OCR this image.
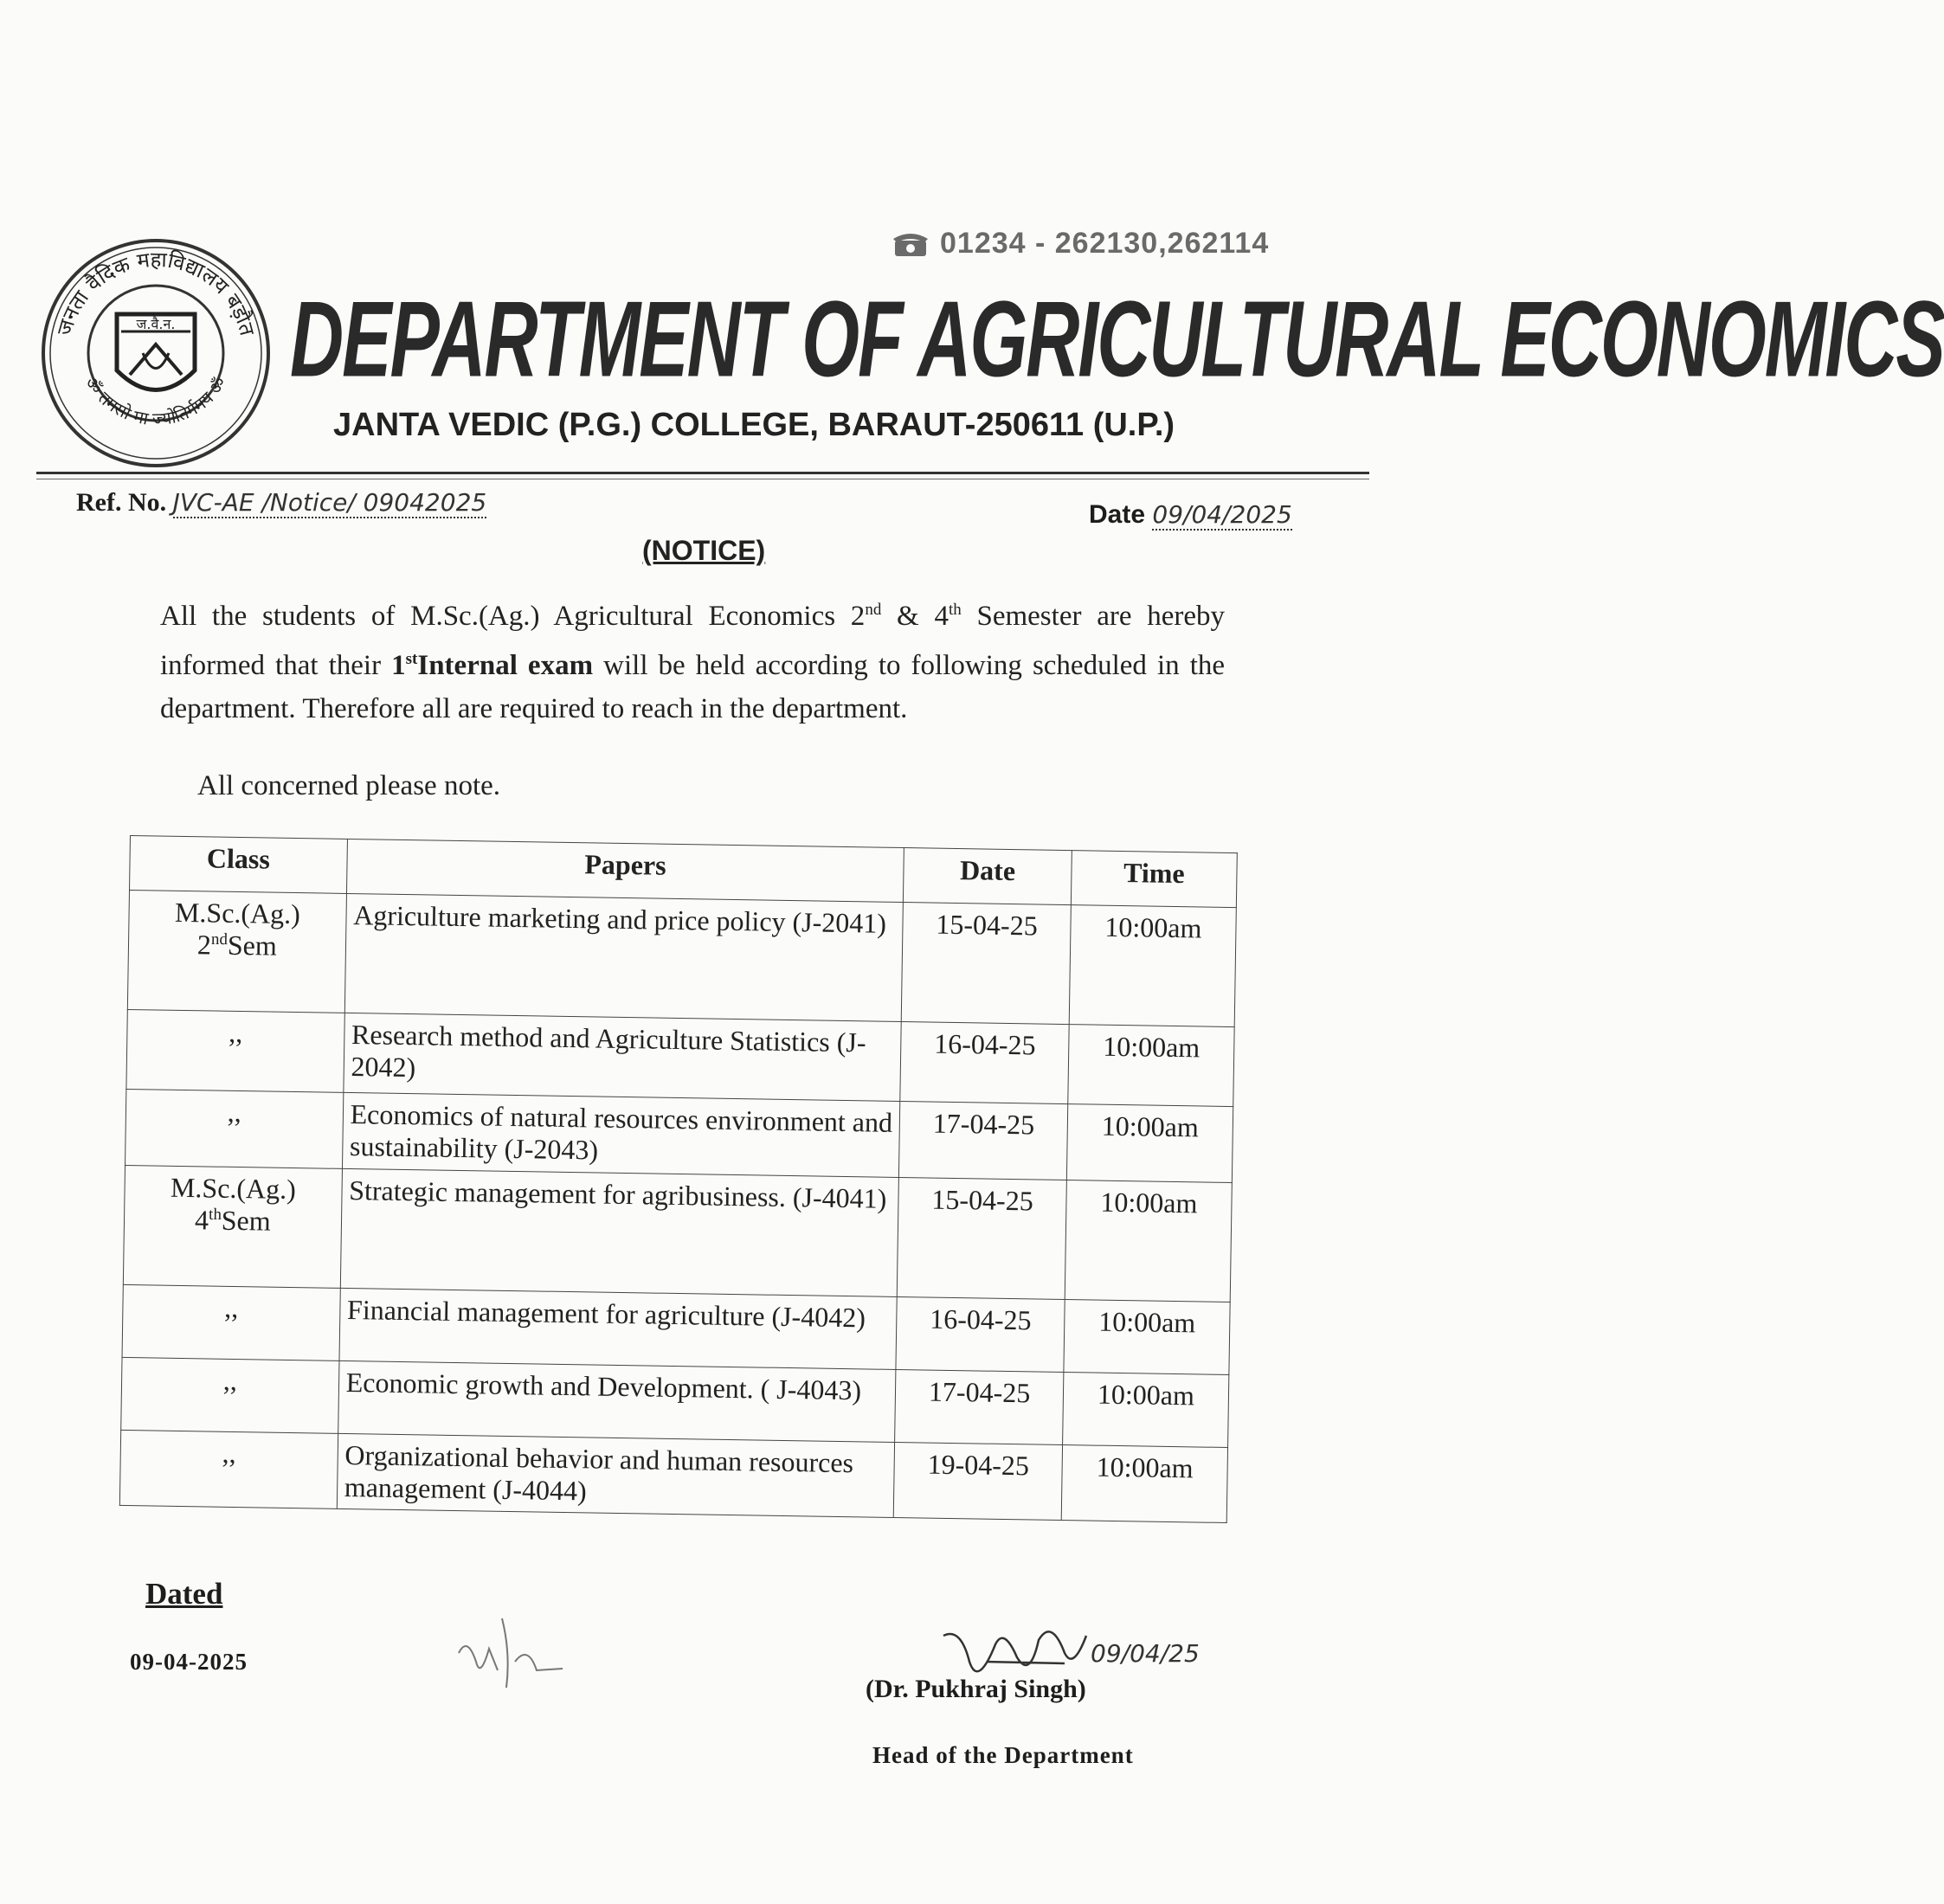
01234 - 262130,262114
जनता वैदिक महाविद्यालय बड़ौत
ॐ तमसो मा ज्योतिर्गमय ॐ
ज.वै.न. DEPARTMENT OF AGRICULTURAL ECONOMICS
JANTA VEDIC (P.G.) COLLEGE, BARAUT-250611 (U.P.)
Ref. No. JVC-AE /Notice/ 09042025	Date 09/04/2025
(NOTICE)
All the students of M.Sc.(Ag.) Agricultural Economics 2nd & 4th Semester are hereby informed that their 1stInternal exam will be held according to following scheduled in the department. Therefore all are required to reach in the department.
All concerned please note.
Class	Papers	Date	Time

M.Sc.(Ag.)
2ndSem	Agriculture marketing and price policy (J-2041)	15-04-25	10:00am
,,	Research method and Agriculture Statistics (J-2042)	16-04-25	10:00am
,,	Economics of natural resources environment and sustainability (J-2043)	17-04-25	10:00am

M.Sc.(Ag.)
4thSem	Strategic management for agribusiness. (J-4041)	15-04-25	10:00am
,,	Financial management for agriculture (J-4042)	16-04-25	10:00am
,,	Economic growth and Development. ( J-4043)	17-04-25	10:00am
,,	Organizational behavior and human resources management (J-4044)	19-04-25	10:00am
Dated
09-04-2025	09/04/25
(Dr. Pukhraj Singh)
Head of the Department
